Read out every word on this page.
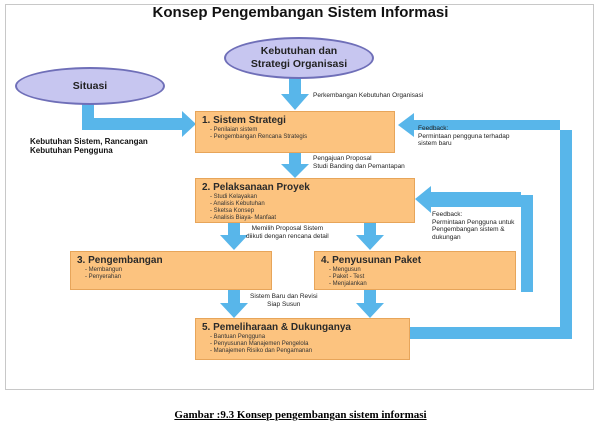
Konsep Pengembangan Sistem Informasi
Kebutuhan dan
Strategi Organisasi
Situasi
Kebutuhan Sistem, Rancangan
Kebutuhan Pengguna
1. Sistem Strategi
- Penilaian sistem
- Pengembangan Rencana Strategis
2. Pelaksanaan Proyek
- Studi Kelayakan
- Analisis Kebutuhan
- Sketsa Konsep
- Analisis Biaya- Manfaat
3. Pengembangan
- Membangun
- Penyerahan
4. Penyusunan Paket
- Mengusun
- Paket - Test
- Menjalankan
5. Pemeliharaan & Dukunganya
- Bantuan Pengguna
- Penyusunan Manajemen Pengelola
- Manajemen Risiko dan Pengamanan
Perkembangan Kebutuhan Organisasi
Pengajuan Proposal
Studi Banding dan Pemantapan
Memilih Proposal Sistem
diikuti dengan rencana detail
Sistem Baru dan Revisi
Siap Susun
Feedback:
Permintaan pengguna terhadap
sistem baru
Feedback:
Permintaan Pengguna untuk
Pengembangan sistem &
dukungan
Gambar :9.3 Konsep pengembangan sistem informasi
